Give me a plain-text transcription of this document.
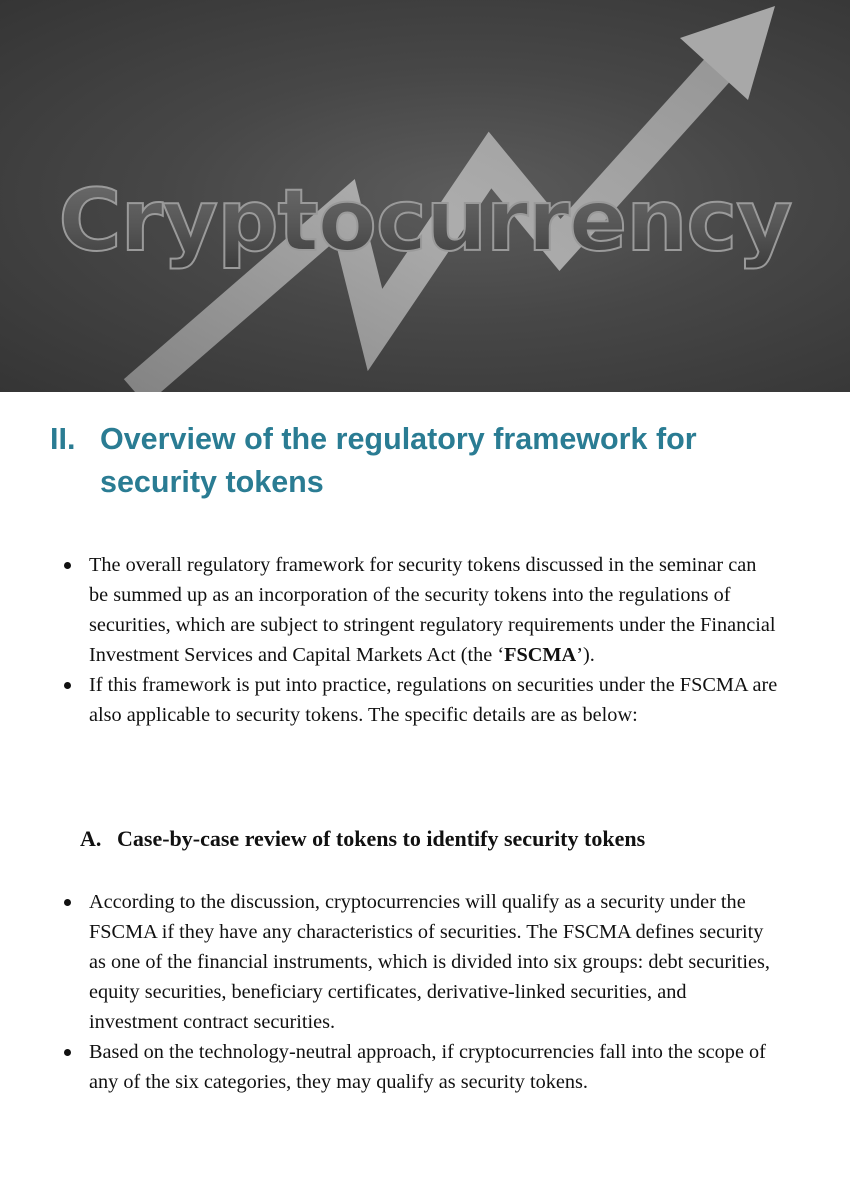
Cryptocurrency
II. Overview of the regulatory framework for
security tokens
The overall regulatory framework for security tokens discussed in the seminar can be summed up as an incorporation of the security tokens into the regulations of securities, which are subject to stringent regulatory requirements under the Financial Investment Services and Capital Markets Act (the ‘FSCMA’).
If this framework is put into practice, regulations on securities under the FSCMA are also applicable to security tokens. The specific details are as below:
A. Case-by-case review of tokens to identify security tokens
According to the discussion, cryptocurrencies will qualify as a security under the FSCMA if they have any characteristics of securities. The FSCMA defines security as one of the financial instruments, which is divided into six groups: debt securities, equity securities, beneficiary certificates, derivative-linked securities, and investment contract securities.
Based on the technology-neutral approach, if cryptocurrencies fall into the scope of any of the six categories, they may qualify as security tokens.
